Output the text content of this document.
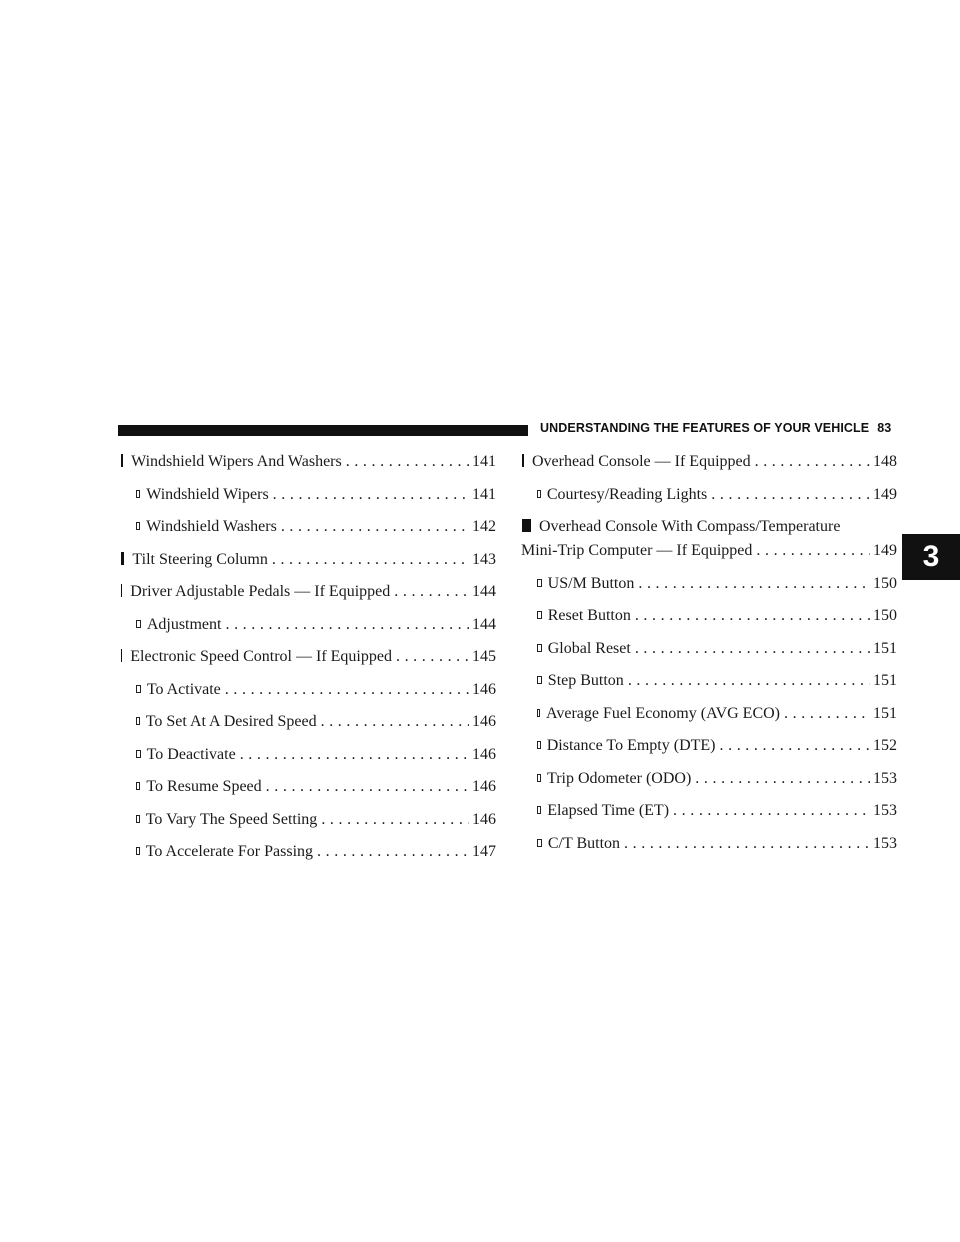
UNDERSTANDING THE FEATURES OF YOUR VEHICLE 83
3
Windshield Wipers And Washers . . .	141
Windshield Wipers . . .	141
Windshield Washers . . .	142
Tilt Steering Column . . .	143
Driver Adjustable Pedals — If Equipped . . .	144
Adjustment . . .	144
Electronic Speed Control — If Equipped . . .	145
To Activate . . .	146
To Set At A Desired Speed . . .	146
To Deactivate . . .	146
To Resume Speed . . .	146
To Vary The Speed Setting . . .	146
To Accelerate For Passing . . .	147
Overhead Console — If Equipped . . .	148
Courtesy/Reading Lights . . .	149
Overhead Console With Compass/Temperature
Mini-Trip Computer — If Equipped . . .	149
US/M Button . . .	150
Reset Button . . .	150
Global Reset . . .	151
Step Button . . .	151
Average Fuel Economy (AVG ECO) . . .	151
Distance To Empty (DTE) . . .	152
Trip Odometer (ODO) . . .	153
Elapsed Time (ET) . . .	153
C/T Button . . .	153
